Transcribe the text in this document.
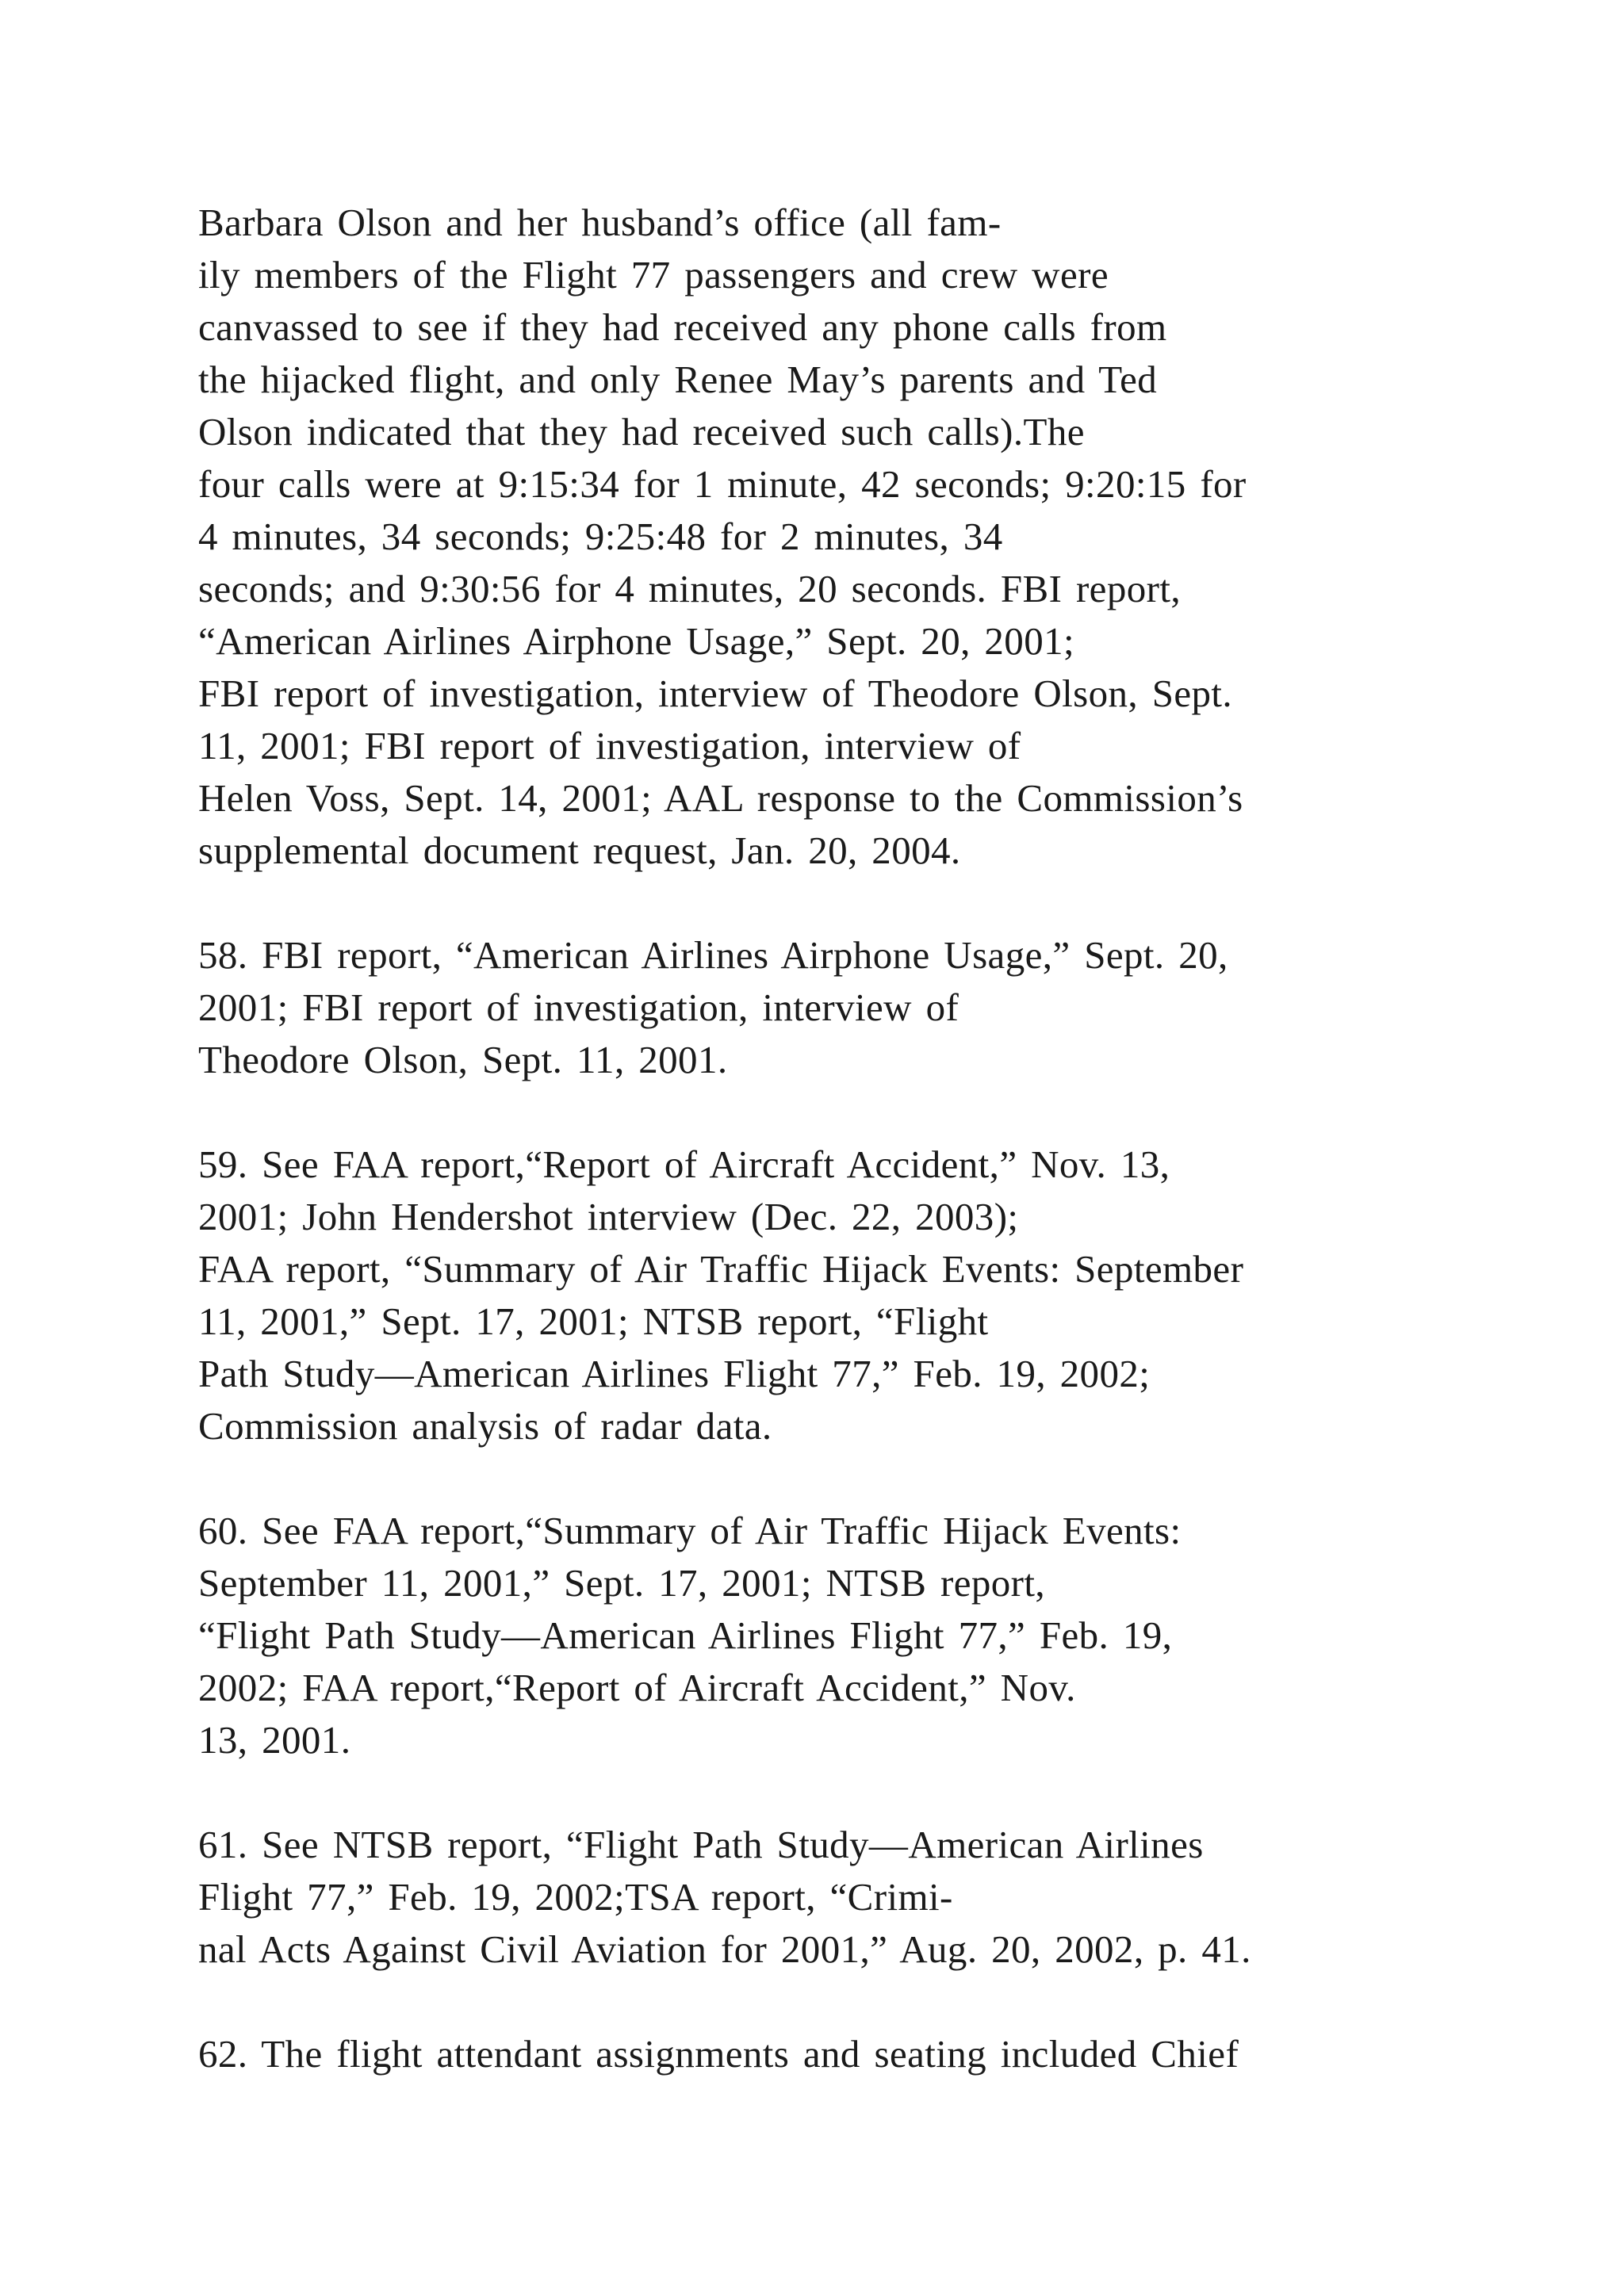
Barbara Olson and her husband’s office (all fam-
ily members of the Flight 77 passengers and crew were
canvassed to see if they had received any phone calls from
the hijacked flight, and only Renee May’s parents and Ted
Olson indicated that they had received such calls).The
four calls were at 9:15:34 for 1 minute, 42 seconds; 9:20:15 for
4 minutes, 34 seconds; 9:25:48 for 2 minutes, 34
seconds; and 9:30:56 for 4 minutes, 20 seconds. FBI report,
“American Airlines Airphone Usage,” Sept. 20, 2001;
FBI report of investigation, interview of Theodore Olson, Sept.
11, 2001; FBI report of investigation, interview of
Helen Voss, Sept. 14, 2001; AAL response to the Commission’s
supplemental document request, Jan. 20, 2004.
58. FBI report, “American Airlines Airphone Usage,” Sept. 20,
2001; FBI report of investigation, interview of
Theodore Olson, Sept. 11, 2001.
59. See FAA report,“Report of Aircraft Accident,” Nov. 13,
2001; John Hendershot interview (Dec. 22, 2003);
FAA report, “Summary of Air Traffic Hijack Events: September
11, 2001,” Sept. 17, 2001; NTSB report, “Flight
Path Study—American Airlines Flight 77,” Feb. 19, 2002;
Commission analysis of radar data.
60. See FAA report,“Summary of Air Traffic Hijack Events:
September 11, 2001,” Sept. 17, 2001; NTSB report,
“Flight Path Study—American Airlines Flight 77,” Feb. 19,
2002; FAA report,“Report of Aircraft Accident,” Nov.
13, 2001.
61. See NTSB report, “Flight Path Study—American Airlines
Flight 77,” Feb. 19, 2002;TSA report, “Crimi-
nal Acts Against Civil Aviation for 2001,” Aug. 20, 2002, p. 41.
62. The flight attendant assignments and seating included Chief
